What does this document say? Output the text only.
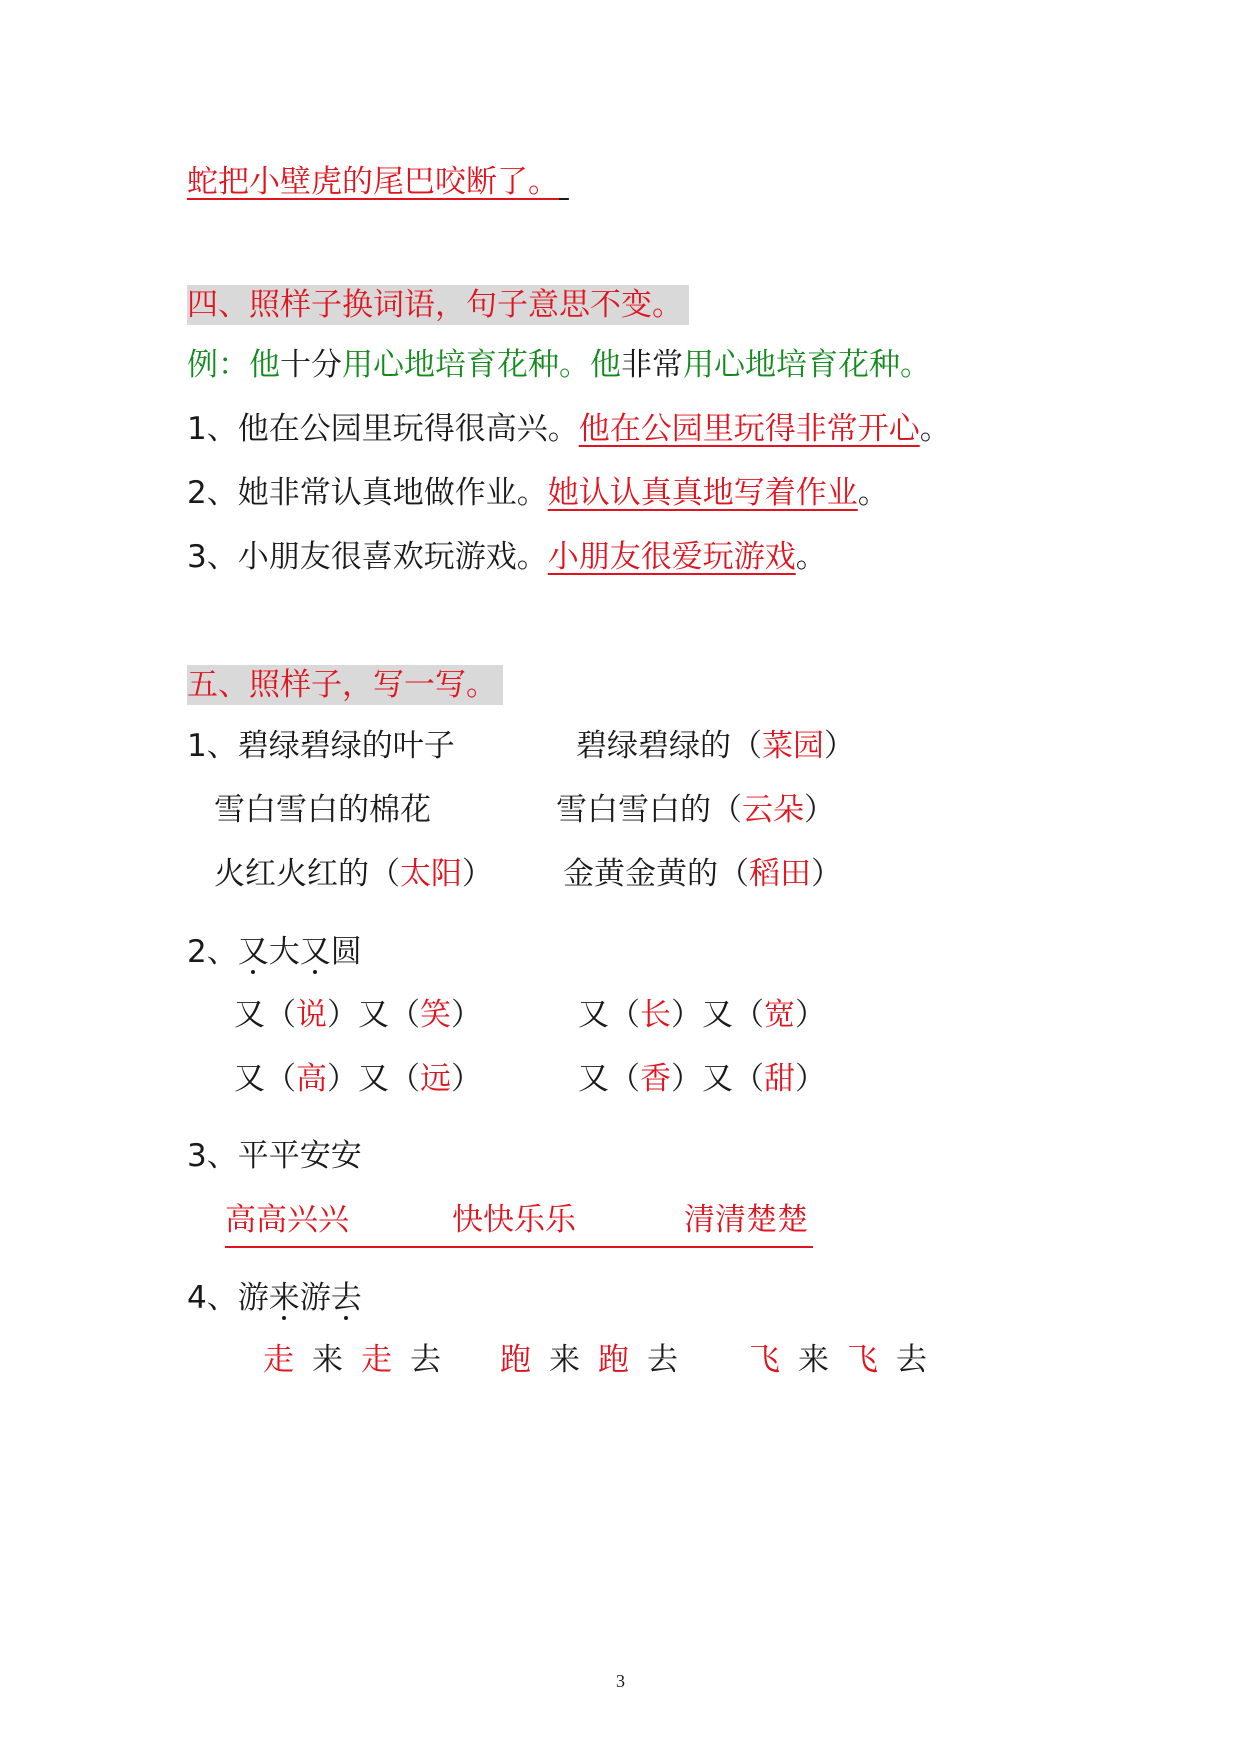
蛇把小壁虎的尾巴咬断了。
四、照样子换词语，句子意思不变。
例：他十分用心地培育花种。他非常用心地培育花种。
1、他在公园里玩得很高兴。他在公园里玩得非常开心。
2、她非常认真地做作业。她认认真真地写着作业。
3、小朋友很喜欢玩游戏。小朋友很爱玩游戏。
五、照样子，写一写。
1、碧绿碧绿的叶子	碧绿碧绿的（菜园）
雪白雪白的棉花	雪白雪白的（云朵）
火红火红的（太阳） 金黄金黄的（稻田）
2、又大又圆
又（说）又（笑）	又（长）又（宽）
又（高）又（远）	又（香）又（甜）
3、平平安安
高高兴兴	快快乐乐	清清楚楚
4、游来游去
走来走去 跑来跑去 飞来飞去
3
